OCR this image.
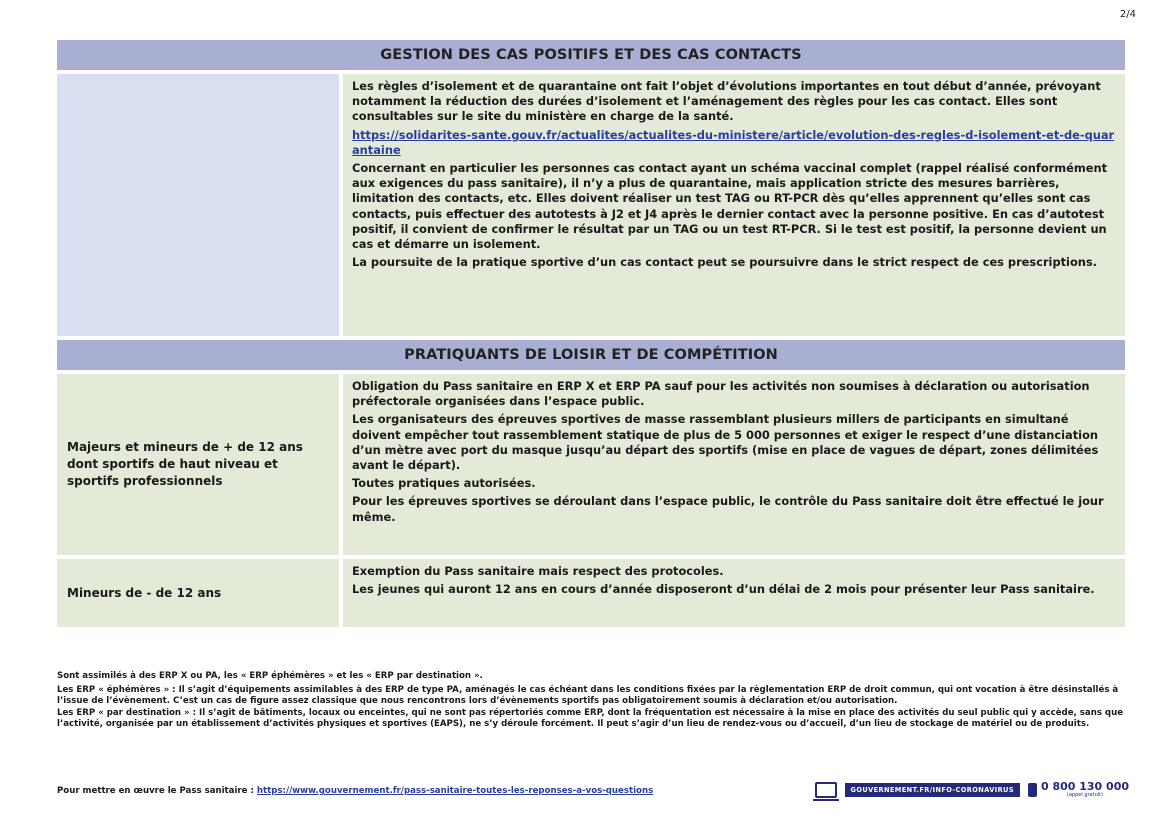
2/4
GESTION DES CAS POSITIFS ET DES CAS CONTACTS

Les règles d’isolement et de quarantaine ont fait l’objet d’évolutions importantes en tout début d’année, prévoyant notamment la réduction des durées d’isolement et l’aménagement des règles pour les cas contact. Elles sont consultables sur le site du ministère en charge de la santé.

https://solidarites-sante.gouv.fr/actualites/actualites-du-ministere/article/evolution-des-regles-d-isolement-et-de-quarantaine

Concernant en particulier les personnes cas contact ayant un schéma vaccinal complet (rappel réalisé conformément aux exigences du pass sanitaire), il n’y a plus de quarantaine, mais application stricte des mesures barrières, limitation des contacts, etc. Elles doivent réaliser un test TAG ou RT-PCR dès qu’elles apprennent qu’elles sont cas contacts, puis effectuer des autotests à J2 et J4 après le dernier contact avec la personne positive. En cas d’autotest positif, il convient de confirmer le résultat par un TAG ou un test RT-PCR. Si le test est positif, la personne devient un cas et démarre un isolement.

La poursuite de la pratique sportive d’un cas contact peut se poursuivre dans le strict respect de ces prescriptions.

PRATIQUANTS DE LOISIR ET DE COMPÉTITION
Majeurs et mineurs de + de 12 ans dont sportifs de haut niveau et sportifs professionnels

Obligation du Pass sanitaire en ERP X et ERP PA sauf pour les activités non soumises à déclaration ou autorisation préfectorale organisées dans l’espace public.

Les organisateurs des épreuves sportives de masse rassemblant plusieurs millers de participants en simultané doivent empêcher tout rassemblement statique de plus de 5 000 personnes et exiger le respect d’une distanciation d’un mètre avec port du masque jusqu’au départ des sportifs (mise en place de vagues de départ, zones délimitées avant le départ).

Toutes pratiques autorisées.

Pour les épreuves sportives se déroulant dans l’espace public, le contrôle du Pass sanitaire doit être effectué le jour même.

Mineurs de - de 12 ans

Exemption du Pass sanitaire mais respect des protocoles.

Les jeunes qui auront 12 ans en cours d’année disposeront d’un délai de 2 mois pour présenter leur Pass sanitaire.

Sont assimilés à des ERP X ou PA, les « ERP éphémères » et les « ERP par destination ».

Les ERP « éphémères » : Il s’agit d’équipements assimilables à des ERP de type PA, aménagés le cas échéant dans les conditions fixées par la règlementation ERP de droit commun, qui ont vocation à être désinstallés à l’issue de l’évènement. C’est un cas de figure assez classique que nous rencontrons lors d’évènements sportifs pas obligatoirement soumis à déclaration et/ou autorisation.

Les ERP « par destination » : Il s’agit de bâtiments, locaux ou enceintes, qui ne sont pas répertoriés comme ERP, dont la fréquentation est nécessaire à la mise en place des activités du seul public qui y accède, sans que l’activité, organisée par un établissement d’activités physiques et sportives (EAPS), ne s’y déroule forcément. Il peut s’agir d’un lieu de rendez-vous ou d’accueil, d’un lieu de stockage de matériel ou de produits.

Pour mettre en œuvre le Pass sanitaire : https://www.gouvernement.fr/pass-sanitaire-toutes-les-reponses-a-vos-questions	GOUVERNEMENT.FR/INFO-CORONAVIRUS	0 800 130 000
(appel gratuit)
